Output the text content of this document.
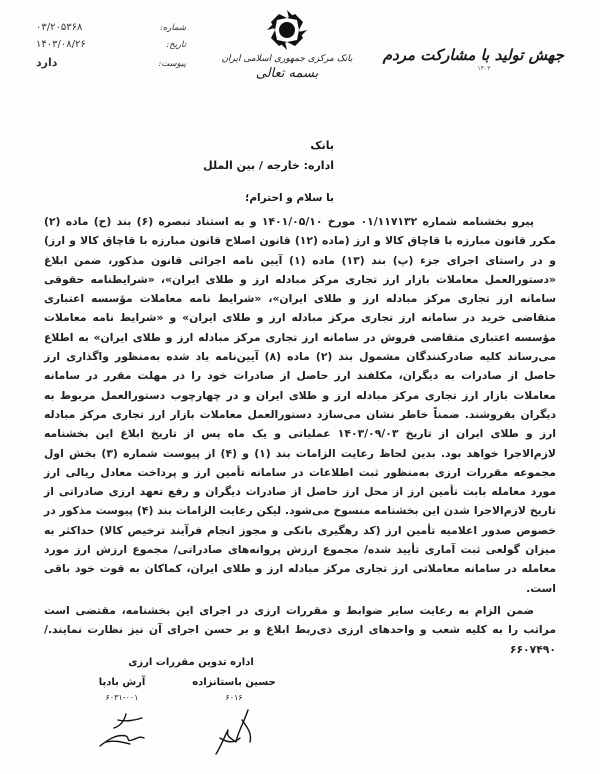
شماره:
۰۳/۲۰۵۳۶۸
تاریخ:
۱۴۰۳/۰۸/۲۶
پیوست:
دارد	بانک مرکزی جمهوری اسلامی ایران
بسمه تعالی
جهش تولید با مشارکت مردم
۱۴۰۳
بانک
اداره: خارجه / بین الملل
با سلام و احترام؛

پیرو بخشنامه شماره ۰۱/۱۱۷۱۳۲ مورخ ۱۴۰۱/۰۵/۱۰ و به استناد تبصره (۶) بند (ح) ماده (۲) مکرر قانون مبارزه با قاچاق کالا و ارز (ماده (۱۲) قانون اصلاح قانون مبارزه با قاچاق کالا و ارز) و در راستای اجرای جزء (پ) بند (۱۳) ماده (۱) آیین نامه اجرائی قانون مذکور، ضمن ابلاغ «دستورالعمل معاملات بازار ارز تجاری مرکز مبادله ارز و طلای ایران»، «شرایطنامه حقوقی سامانه ارز تجاری مرکز مبادله ارز و طلای ایران»، «شرایط نامه معاملات مؤسسه اعتباری متقاضی خرید در سامانه ارز تجاری مرکز مبادله ارز و طلای ایران» و «شرایط نامه معاملات مؤسسه اعتباری متقاضی فروش در سامانه ارز تجاری مرکز مبادله ارز و طلای ایران» به اطلاع می‌رساند کلیه صادرکنندگان مشمول بند (۲) ماده (۸) آیین‌نامه یاد شده به‌منظور واگذاری ارز حاصل از صادرات به دیگران، مکلفند ارز حاصل از صادرات خود را در مهلت مقرر در سامانه معاملات بازار ارز تجاری مرکز مبادله ارز و طلای ایران و در چهارچوب دستورالعمل مربوط به دیگران بفروشند. ضمناً خاطر نشان می‌سازد دستورالعمل معاملات بازار ارز تجاری مرکز مبادله ارز و طلای ایران از تاریخ ۱۴۰۳/۰۹/۰۳ عملیاتی و یک ماه پس از تاریخ ابلاغ این بخشنامه لازم‌الاجرا خواهد بود. بدین لحاظ رعایت الزامات بند (۱) و (۴) از پیوست شماره (۳) بخش اول مجموعه مقررات ارزی به‌منظور ثبت اطلاعات در سامانه تأمین ارز و پرداخت معادل ریالی ارز مورد معامله بابت تأمین ارز از محل ارز حاصل از صادرات دیگران و رفع تعهد ارزی صادراتی از تاریخ لازم‌الاجرا شدن این بخشنامه منسوخ می‌شود. لیکن رعایت الزامات بند (۴) پیوست مذکور در خصوص صدور اعلامیه تأمین ارز (کد رهگیری بانکی و مجوز انجام فرآیند ترخیص کالا) حداکثر به میزان گولعی ثبت آماری تأیید شده/ مجموع ارزش پروانه‌های صادراتی/ مجموع ارزش ارز مورد معامله در سامانه معاملاتی ارز تجاری مرکز مبادله ارز و طلای ایران، کماکان به قوت خود باقی است.

ضمن الزام به رعایت سایر ضوابط و مقررات ارزی در اجرای این بخشنامه، مقتضی است مراتب را به کلیه شعب و واحدهای ارزی ذی‌ربط ابلاغ و بر حسن اجرای آن نیز نظارت نمایند./۶۶۰۷۴۹۰

اداره تدوین مقررات ارزی
حسین باستانزاده
۶۰۱۶
آرش بادپا
۶۰۳۱-۰۰۱
